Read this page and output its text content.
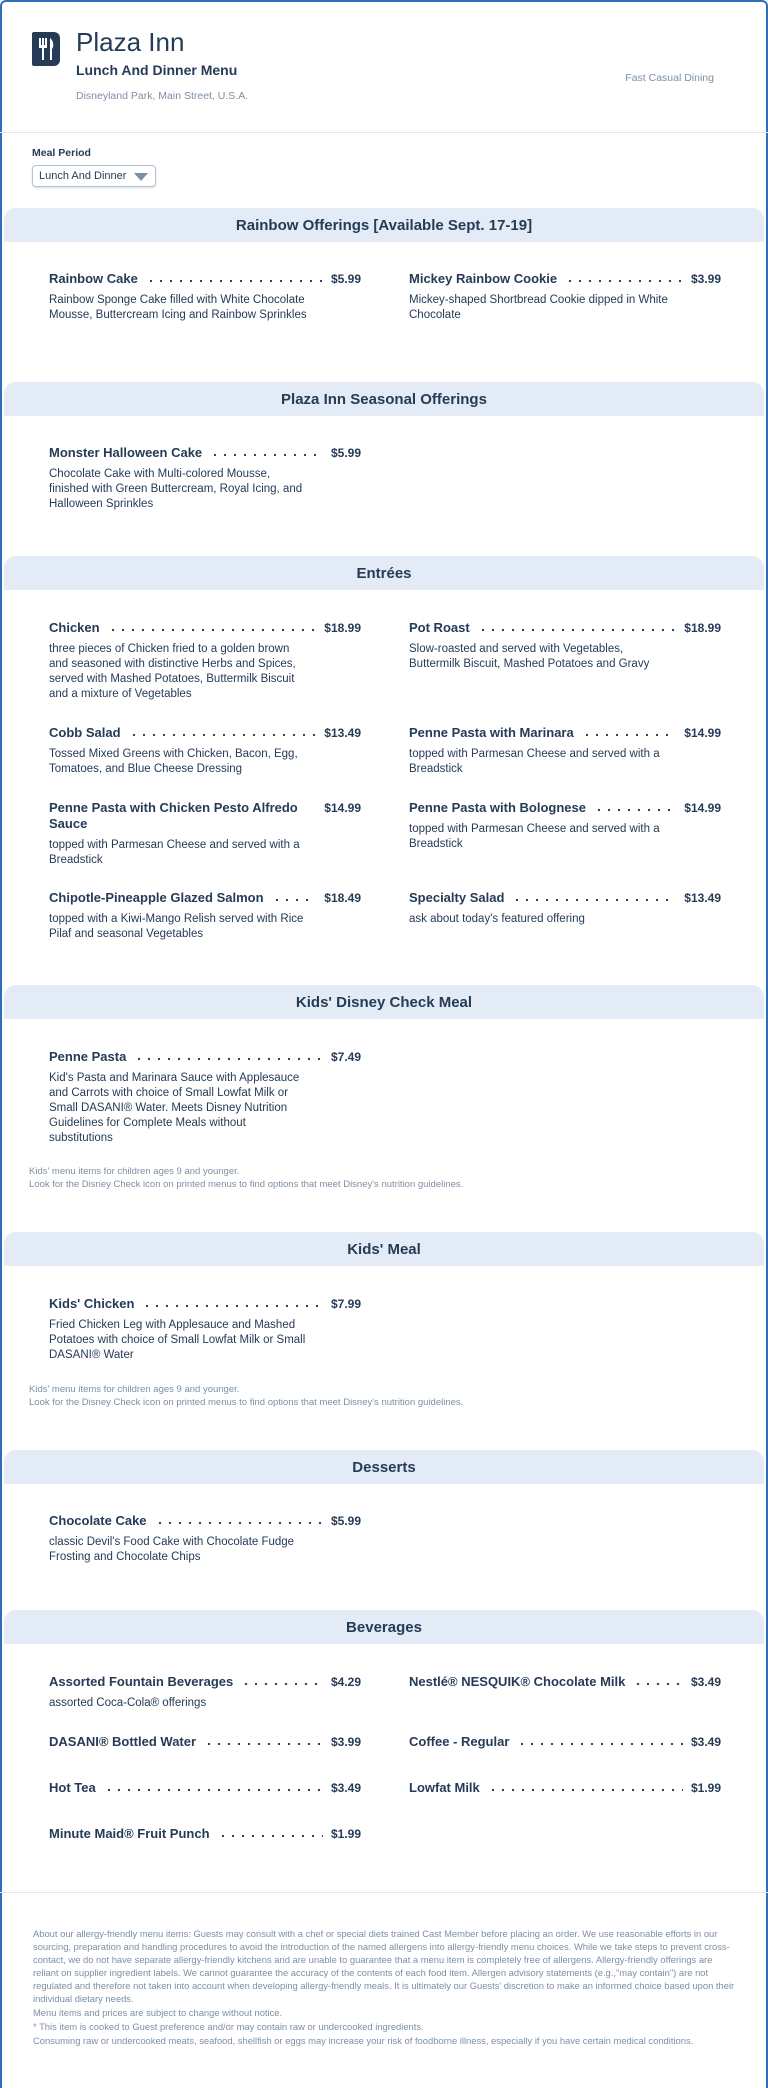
Plaza Inn
Lunch And Dinner Menu
Disneyland Park, Main Street, U.S.A.
Fast Casual Dining
Meal Period
Lunch And Dinner
Rainbow Offerings [Available Sept. 17-19]
Rainbow Cake	$5.99
Rainbow Sponge Cake filled with White Chocolate Mousse, Buttercream Icing and Rainbow Sprinkles
Mickey Rainbow Cookie	$3.99
Mickey-shaped Shortbread Cookie dipped in White Chocolate
Plaza Inn Seasonal Offerings
Monster Halloween Cake	$5.99
Chocolate Cake with Multi-colored Mousse, finished with Green Buttercream, Royal Icing, and Halloween Sprinkles
Entrées
Chicken	$18.99
three pieces of Chicken fried to a golden brown and seasoned with distinctive Herbs and Spices, served with Mashed Potatoes, Buttermilk Biscuit and a mixture of Vegetables
Pot Roast	$18.99
Slow-roasted and served with Vegetables, Buttermilk Biscuit, Mashed Potatoes and Gravy
Cobb Salad	$13.49
Tossed Mixed Greens with Chicken, Bacon, Egg, Tomatoes, and Blue Cheese Dressing
Penne Pasta with Marinara	$14.99
topped with Parmesan Cheese and served with a Breadstick
Penne Pasta with Chicken Pesto Alfredo Sauce
$14.99
topped with Parmesan Cheese and served with a Breadstick
Penne Pasta with Bolognese	$14.99
topped with Parmesan Cheese and served with a Breadstick
Chipotle-Pineapple Glazed Salmon	$18.49
topped with a Kiwi-Mango Relish served with Rice Pilaf and seasonal Vegetables
Specialty Salad	$13.49
ask about today's featured offering
Kids' Disney Check Meal
Penne Pasta	$7.49
Kid's Pasta and Marinara Sauce with Applesauce and Carrots with choice of Small Lowfat Milk or Small DASANI® Water. Meets Disney Nutrition Guidelines for Complete Meals without substitutions
Kids' menu items for children ages 9 and younger.
Look for the Disney Check icon on printed menus to find options that meet Disney's nutrition guidelines.
Kids' Meal
Kids' Chicken	$7.99
Fried Chicken Leg with Applesauce and Mashed Potatoes with choice of Small Lowfat Milk or Small DASANI® Water
Kids' menu items for children ages 9 and younger.
Look for the Disney Check icon on printed menus to find options that meet Disney's nutrition guidelines.
Desserts
Chocolate Cake	$5.99
classic Devil's Food Cake with Chocolate Fudge Frosting and Chocolate Chips
Beverages
Assorted Fountain Beverages	$4.29
assorted Coca-Cola® offerings
Nestlé® NESQUIK® Chocolate Milk	$3.49
DASANI® Bottled Water	$3.99	Coffee - Regular	$3.49
Hot Tea	$3.49	Lowfat Milk	$1.99
Minute Maid® Fruit Punch	$1.99

About our allergy-friendly menu items: Guests may consult with a chef or special diets trained Cast Member before placing an order. We use reasonable efforts in our sourcing, preparation and handling procedures to avoid the introduction of the named allergens into allergy-friendly menu choices. While we take steps to prevent cross-contact, we do not have separate allergy-friendly kitchens and are unable to guarantee that a menu item is completely free of allergens. Allergy-friendly offerings are reliant on supplier ingredient labels. We cannot guarantee the accuracy of the contents of each food item. Allergen advisory statements (e.g.,"may contain") are not regulated and therefore not taken into account when developing allergy-friendly meals. It is ultimately our Guests' discretion to make an informed choice based upon their individual dietary needs.

Menu items and prices are subject to change without notice.

* This item is cooked to Guest preference and/or may contain raw or undercooked ingredients.

Consuming raw or undercooked meats, seafood, shellfish or eggs may increase your risk of foodborne illness, especially if you have certain medical conditions.
